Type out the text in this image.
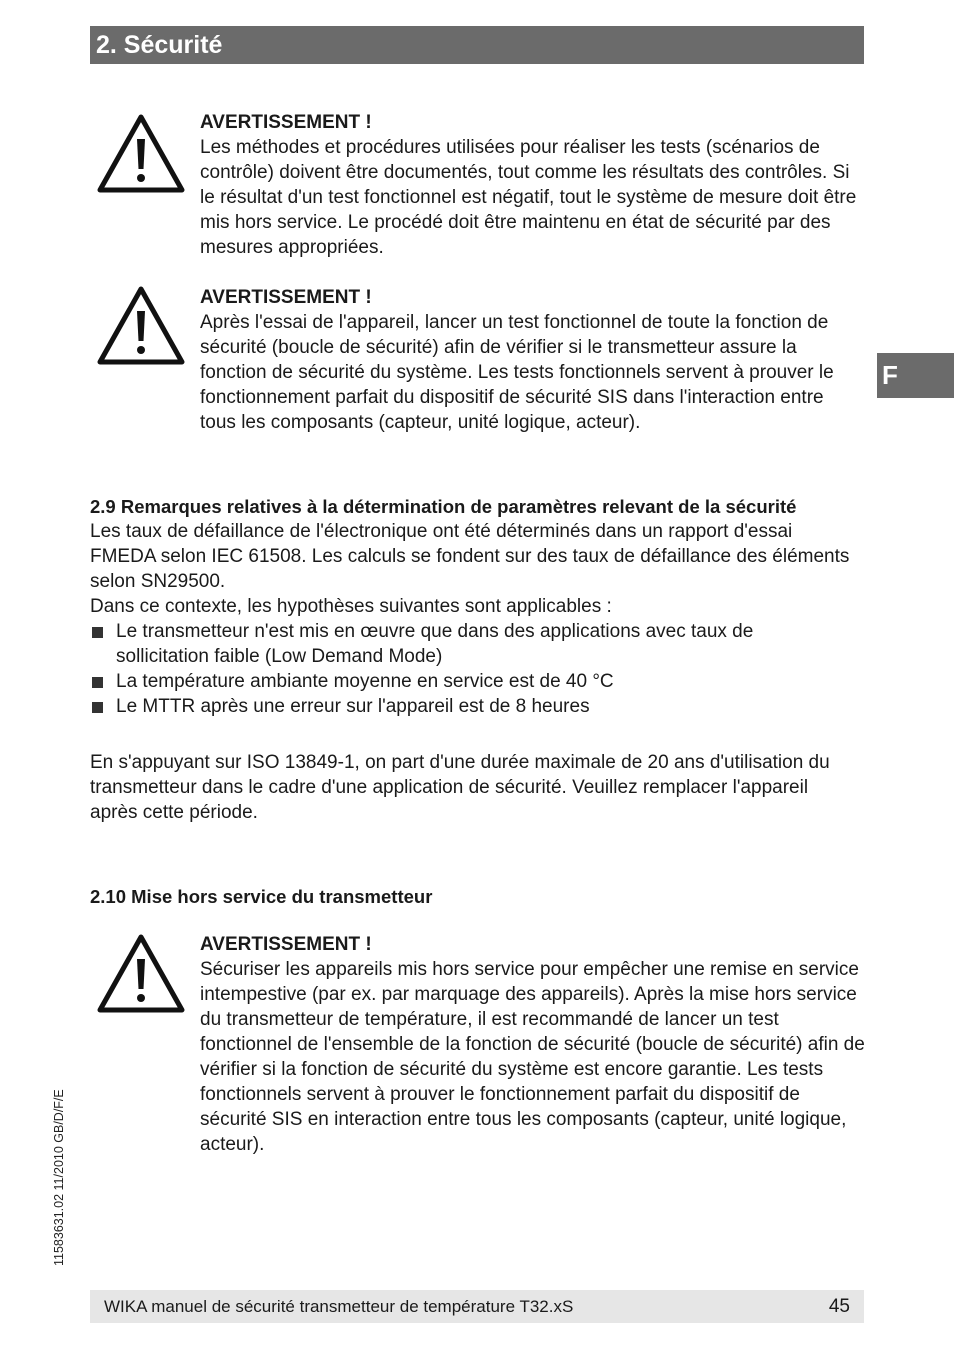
2. Sécurité
F
AVERTISSEMENT !

Les méthodes et procédures utilisées pour réaliser les tests (scénarios de contrôle) doivent être documentés, tout comme les résultats des contrôles. Si le résultat d'un test fonctionnel est négatif, tout le système de mesure doit être mis hors service. Le procédé doit être maintenu en état de sécurité par des mesures appropriées.

AVERTISSEMENT !

Après l'essai de l'appareil, lancer un test fonctionnel de toute la fonction de sécurité (boucle de sécurité) afin de vérifier si le transmetteur assure la fonction de sécurité du système. Les tests fonctionnels servent à prouver le fonctionnement parfait du dispositif de sécurité SIS dans l'interaction entre tous les composants (capteur, unité logique, acteur).

2.9 Remarques relatives à la détermination de paramètres relevant de la sécurité

Les taux de défaillance de l'électronique ont été déterminés dans un rapport d'essai FMEDA selon IEC 61508. Les calculs se fondent sur des taux de défaillance des éléments selon SN29500.

Dans ce contexte, les hypothèses suivantes sont applicables :

Le transmetteur n'est mis en œuvre que dans des applications avec taux de sollicitation faible (Low Demand Mode)
La température ambiante moyenne en service est de 40 °C
Le MTTR après une erreur sur l'appareil est de 8 heures

En s'appuyant sur ISO 13849-1, on part d'une durée maximale de 20 ans d'utilisation du transmetteur dans le cadre d'une application de sécurité. Veuillez remplacer l'appareil après cette période.

2.10 Mise hors service du transmetteur
AVERTISSEMENT !

Sécuriser les appareils mis hors service pour empêcher une remise en service intempestive (par ex. par marquage des appareils). Après la mise hors service du transmetteur de température, il est recommandé de lancer un test fonctionnel de l'ensemble de la fonction de sécurité (boucle de sécurité) afin de vérifier si la fonction de sécurité du système est encore garantie. Les tests fonctionnels servent à prouver le fonctionnement parfait du dispositif de sécurité SIS en interaction entre tous les composants (capteur, unité logique, acteur).

11583631.02 11/2010 GB/D/F/E
WIKA manuel de sécurité transmetteur de température T32.xS	45
